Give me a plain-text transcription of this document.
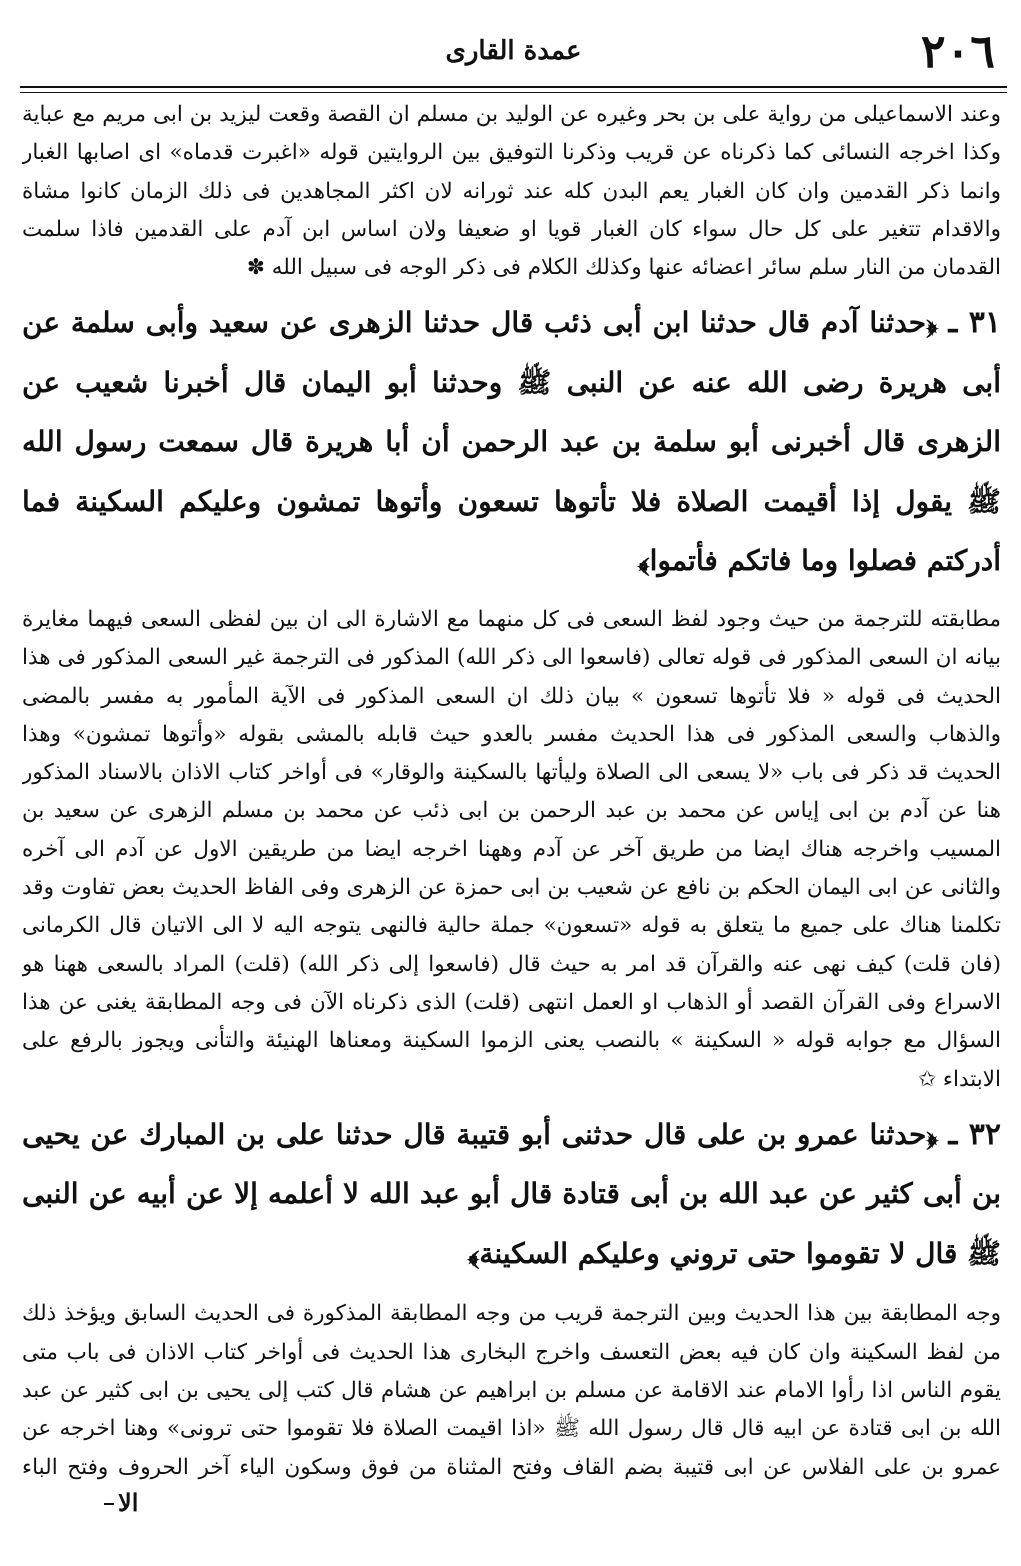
عمدة القاری	٢٠٦

وعند الاسماعيلى من رواية على بن بحر وغيره عن الوليد بن مسلم ان القصة وقعت ليزيد بن ابى مريم مع عباية وكذا اخرجه النسائى كما ذكرناه عن قريب وذكرنا التوفيق بين الروايتين قوله «اغبرت قدماه» اى اصابها الغبار وانما ذكر القدمين وان كان الغبار يعم البدن كله عند ثورانه لان اكثر المجاهدين فى ذلك الزمان كانوا مشاة والاقدام تتغير على كل حال سواء كان الغبار قويا او ضعيفا ولان اساس ابن آدم على القدمين فاذا سلمت القدمان من النار سلم سائر اعضائه عنها وكذلك الكلام فى ذكر الوجه فى سبيل الله ✽

٣١ ـ ﴿حدثنا آدم قال حدثنا ابن أبى ذئب قال حدثنا الزهرى عن سعيد وأبى سلمة عن أبى هريرة رضى الله عنه عن النبى ﷺ وحدثنا أبو اليمان قال أخبرنا شعيب عن الزهرى قال أخبرنى أبو سلمة بن عبد الرحمن أن أبا هريرة قال سمعت رسول الله ﷺ يقول إذا أقيمت الصلاة فلا تأتوها تسعون وأتوها تمشون وعليكم السكينة فما أدركتم فصلوا وما فاتكم فأتموا﴾

مطابقته للترجمة من حيث وجود لفظ السعى فى كل منهما مع الاشارة الى ان بين لفظى السعى فيهما مغايرة بيانه ان السعى المذكور فى قوله تعالى (فاسعوا الى ذكر الله) المذكور فى الترجمة غير السعى المذكور فى هذا الحديث فى قوله « فلا تأتوها تسعون » بيان ذلك ان السعى المذكور فى الآية المأمور به مفسر بالمضى والذهاب والسعى المذكور فى هذا الحديث مفسر بالعدو حيث قابله بالمشى بقوله «وأتوها تمشون» وهذا الحديث قد ذكر فى باب «لا يسعى الى الصلاة وليأتها بالسكينة والوقار» فى أواخر كتاب الاذان بالاسناد المذكور هنا عن آدم بن ابى إياس عن محمد بن عبد الرحمن بن ابى ذئب عن محمد بن مسلم الزهرى عن سعيد بن المسيب واخرجه هناك ايضا من طريق آخر عن آدم وههنا اخرجه ايضا من طريقين الاول عن آدم الى آخره والثانى عن ابى اليمان الحكم بن نافع عن شعيب بن ابى حمزة عن الزهرى وفى الفاظ الحديث بعض تفاوت وقد تكلمنا هناك على جميع ما يتعلق به قوله «تسعون» جملة حالية فالنهى يتوجه اليه لا الى الاتيان قال الكرمانى (فان قلت) كيف نهى عنه والقرآن قد امر به حيث قال (فاسعوا إلى ذكر الله) (قلت) المراد بالسعى ههنا هو الاسراع وفى القرآن القصد أو الذهاب او العمل انتهى (قلت) الذى ذكرناه الآن فى وجه المطابقة يغنى عن هذا السؤال مع جوابه قوله « السكينة » بالنصب يعنى الزموا السكينة ومعناها الهنيئة والتأنى ويجوز بالرفع على الابتداء ✩

٣٢ ـ ﴿حدثنا عمرو بن على قال حدثنى أبو قتيبة قال حدثنا على بن المبارك عن يحيى بن أبى كثير عن عبد الله بن أبى قتادة قال أبو عبد الله لا أعلمه إلا عن أبيه عن النبى ﷺ قال لا تقوموا حتى تروني وعليكم السكينة﴾

وجه المطابقة بين هذا الحديث وبين الترجمة قريب من وجه المطابقة المذكورة فى الحديث السابق ويؤخذ ذلك من لفظ السكينة وان كان فيه بعض التعسف واخرج البخارى هذا الحديث فى أواخر كتاب الاذان فى باب متى يقوم الناس اذا رأوا الامام عند الاقامة عن مسلم بن ابراهيم عن هشام قال كتب إلى يحيى بن ابى كثير عن عبد الله بن ابى قتادة عن ابيه قال قال رسول الله ﷺ «اذا اقيمت الصلاة فلا تقوموا حتى ترونى» وهنا اخرجه عن عمرو بن على الفلاس عن ابى قتيبة بضم القاف وفتح المثناة من فوق وسكون الياء آخر الحروف وفتح الباء

الا
